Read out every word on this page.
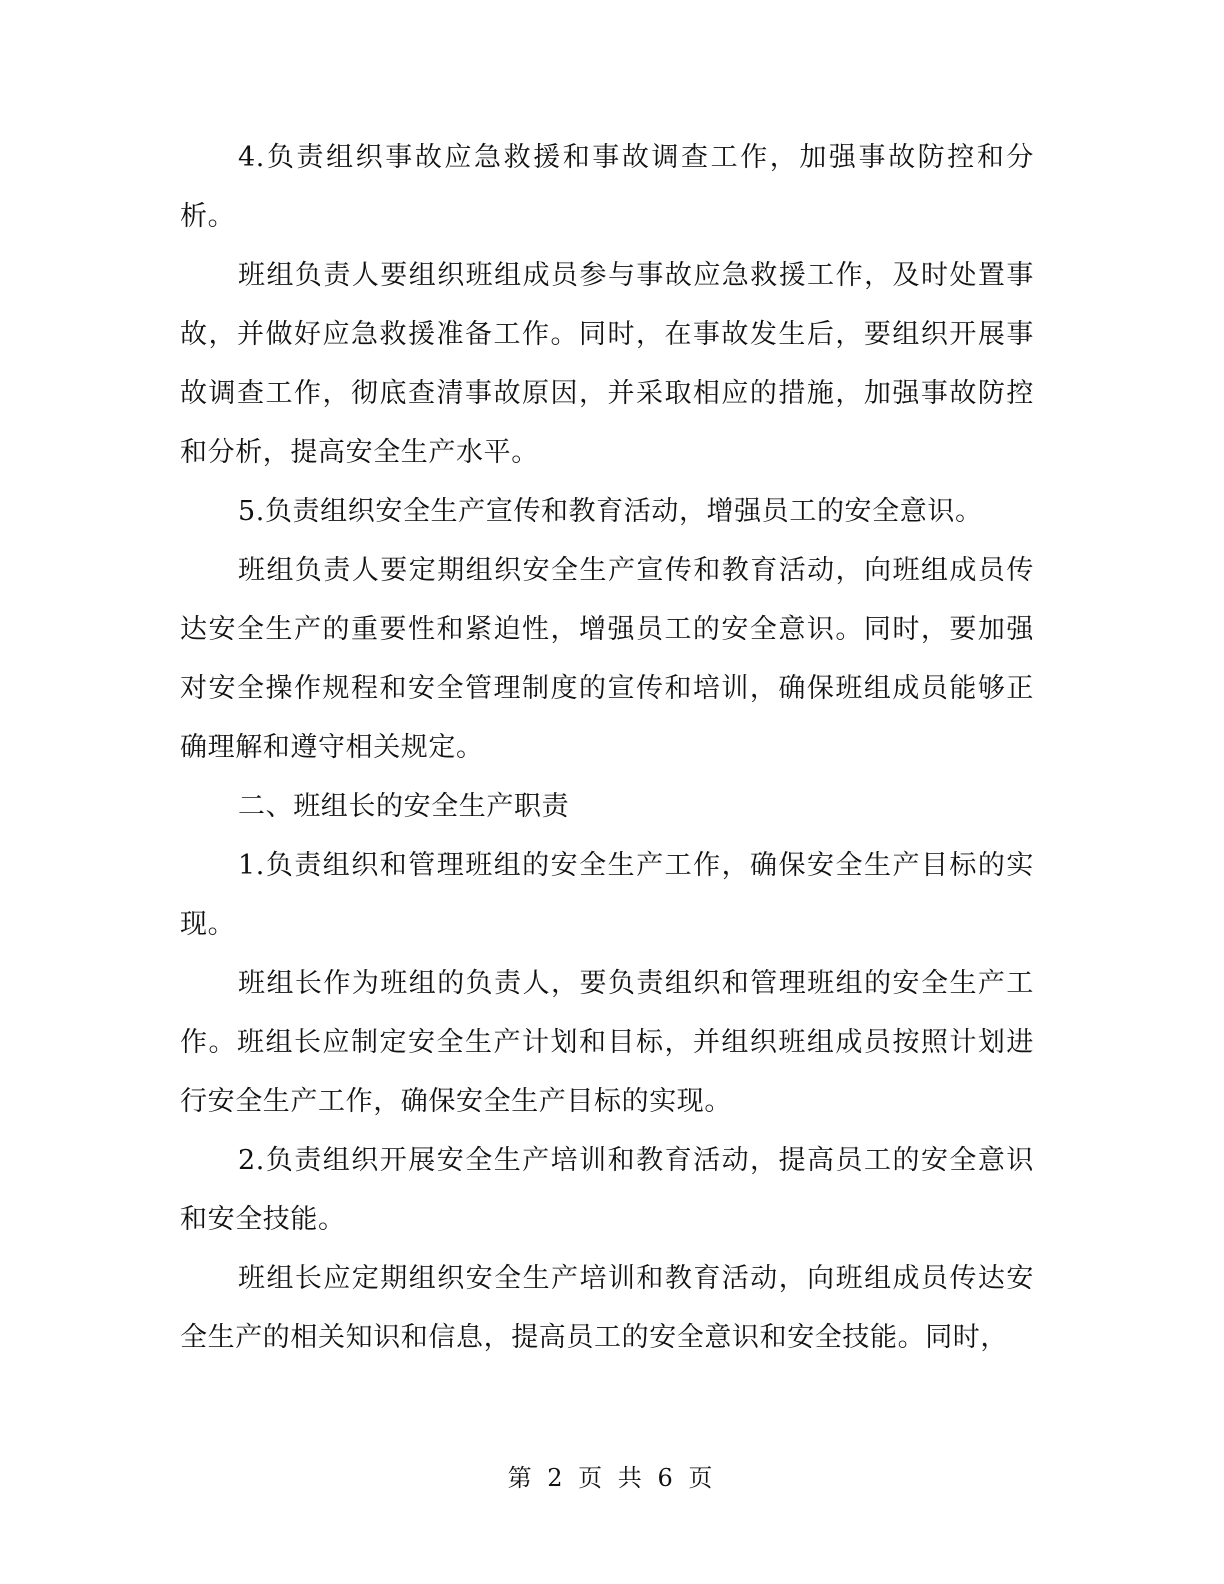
4.负责组织事故应急救援和事故调查工作，加强事故防控和分析。

班组负责人要组织班组成员参与事故应急救援工作，及时处置事故，并做好应急救援准备工作。同时，在事故发生后，要组织开展事故调查工作，彻底查清事故原因，并采取相应的措施，加强事故防控和分析，提高安全生产水平。

5.负责组织安全生产宣传和教育活动，增强员工的安全意识。

班组负责人要定期组织安全生产宣传和教育活动，向班组成员传达安全生产的重要性和紧迫性，增强员工的安全意识。同时，要加强对安全操作规程和安全管理制度的宣传和培训，确保班组成员能够正确理解和遵守相关规定。

二、班组长的安全生产职责

1.负责组织和管理班组的安全生产工作，确保安全生产目标的实现。

班组长作为班组的负责人，要负责组织和管理班组的安全生产工作。班组长应制定安全生产计划和目标，并组织班组成员按照计划进行安全生产工作，确保安全生产目标的实现。

2.负责组织开展安全生产培训和教育活动，提高员工的安全意识和安全技能。

班组长应定期组织安全生产培训和教育活动，向班组成员传达安全生产的相关知识和信息，提高员工的安全意识和安全技能。同时，

第 2 页 共 6 页
